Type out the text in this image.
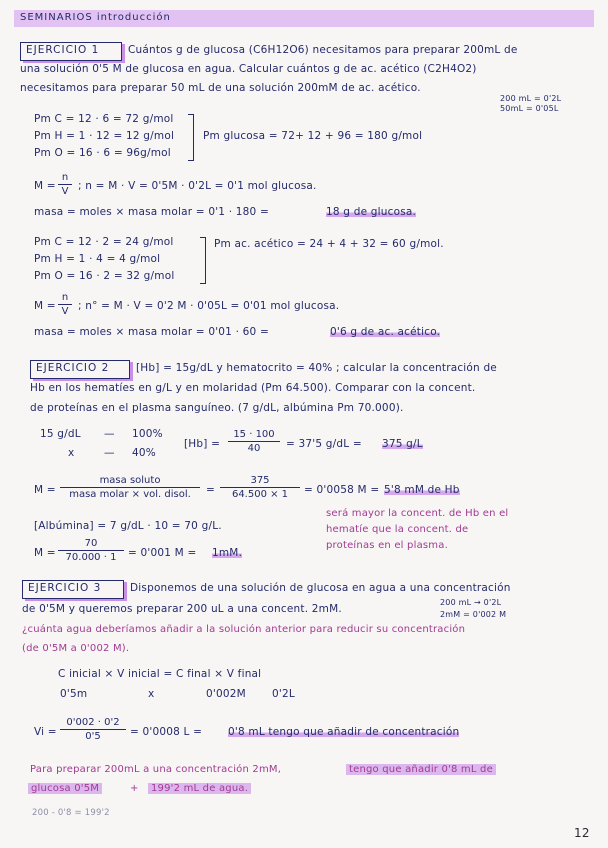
SEMINARIOS introducción
EJERCICIO 1	Cuántos g de glucosa (C6H12O6) necesitamos para preparar 200mL de
una solución 0'5 M de glucosa en agua. Calcular cuántos g de ac. acético (C2H4O2)
necesitamos para preparar 50 mL de una solución 200mM de ac. acético.
200 mL = 0'2L
50mL = 0'05L
Pm C = 12 · 6 = 72 g/mol
Pm H = 1 · 12 = 12 g/mol
Pm O = 16 · 6 = 96g/mol
Pm glucosa = 72+ 12 + 96 = 180 g/mol
M =
n
V ; n = M · V = 0'5M · 0'2L = 0'1 mol glucosa.
masa = moles × masa molar = 0'1 · 180 =	18 g de glucosa.
Pm C = 12 · 2 = 24 g/mol
Pm H = 1 · 4 = 4 g/mol
Pm O = 16 · 2 = 32 g/mol
Pm ac. acético = 24 + 4 + 32 = 60 g/mol.
M =
n
V ; n° = M · V = 0'2 M · 0'05L = 0'01 mol glucosa.
masa = moles × masa molar = 0'01 · 60 =	0'6 g de ac. acético.
EJERCICIO 2	[Hb] = 15g/dL y hematocrito = 40% ; calcular la concentración de
Hb en los hematíes en g/L y en molaridad (Pm 64.500). Comparar con la concent.
de proteínas en el plasma sanguíneo. (7 g/dL, albúmina Pm 70.000).
15 g/dL — 100%
x	— 40%
[Hb] =
15 · 100
40	= 37'5 g/dL = 375 g/L
M =
masa soluto
masa molar × vol. disol.	=
375
64.500 × 1	= 0'0058 M = 5'8 mM de Hb
[Albúmina] = 7 g/dL · 10 = 70 g/L.
M =
70
70.000 · 1	= 0'001 M = 1mM.
será mayor la concent. de Hb en el
hematíe que la concent. de
proteínas en el plasma.
EJERCICIO 3	Disponemos de una solución de glucosa en agua a una concentración
de 0'5M y queremos preparar 200 uL a una concent. 2mM.
200 mL → 0'2L
2mM = 0'002 M
¿cuánta agua deberíamos añadir a la solución anterior para reducir su concentración
(de 0'5M a 0'002 M).
C inicial × V inicial = C final × V final
0'5m	x	0'002M 0'2L
Vi =
0'002 · 0'2
0'5	= 0'0008 L = 0'8 mL tengo que añadir de concentración
Para preparar 200mL a una concentración 2mM,	tengo que añadir 0'8 mL de
glucosa 0'5M	+	199'2 mL de agua.
200 - 0'8 = 199'2
12
